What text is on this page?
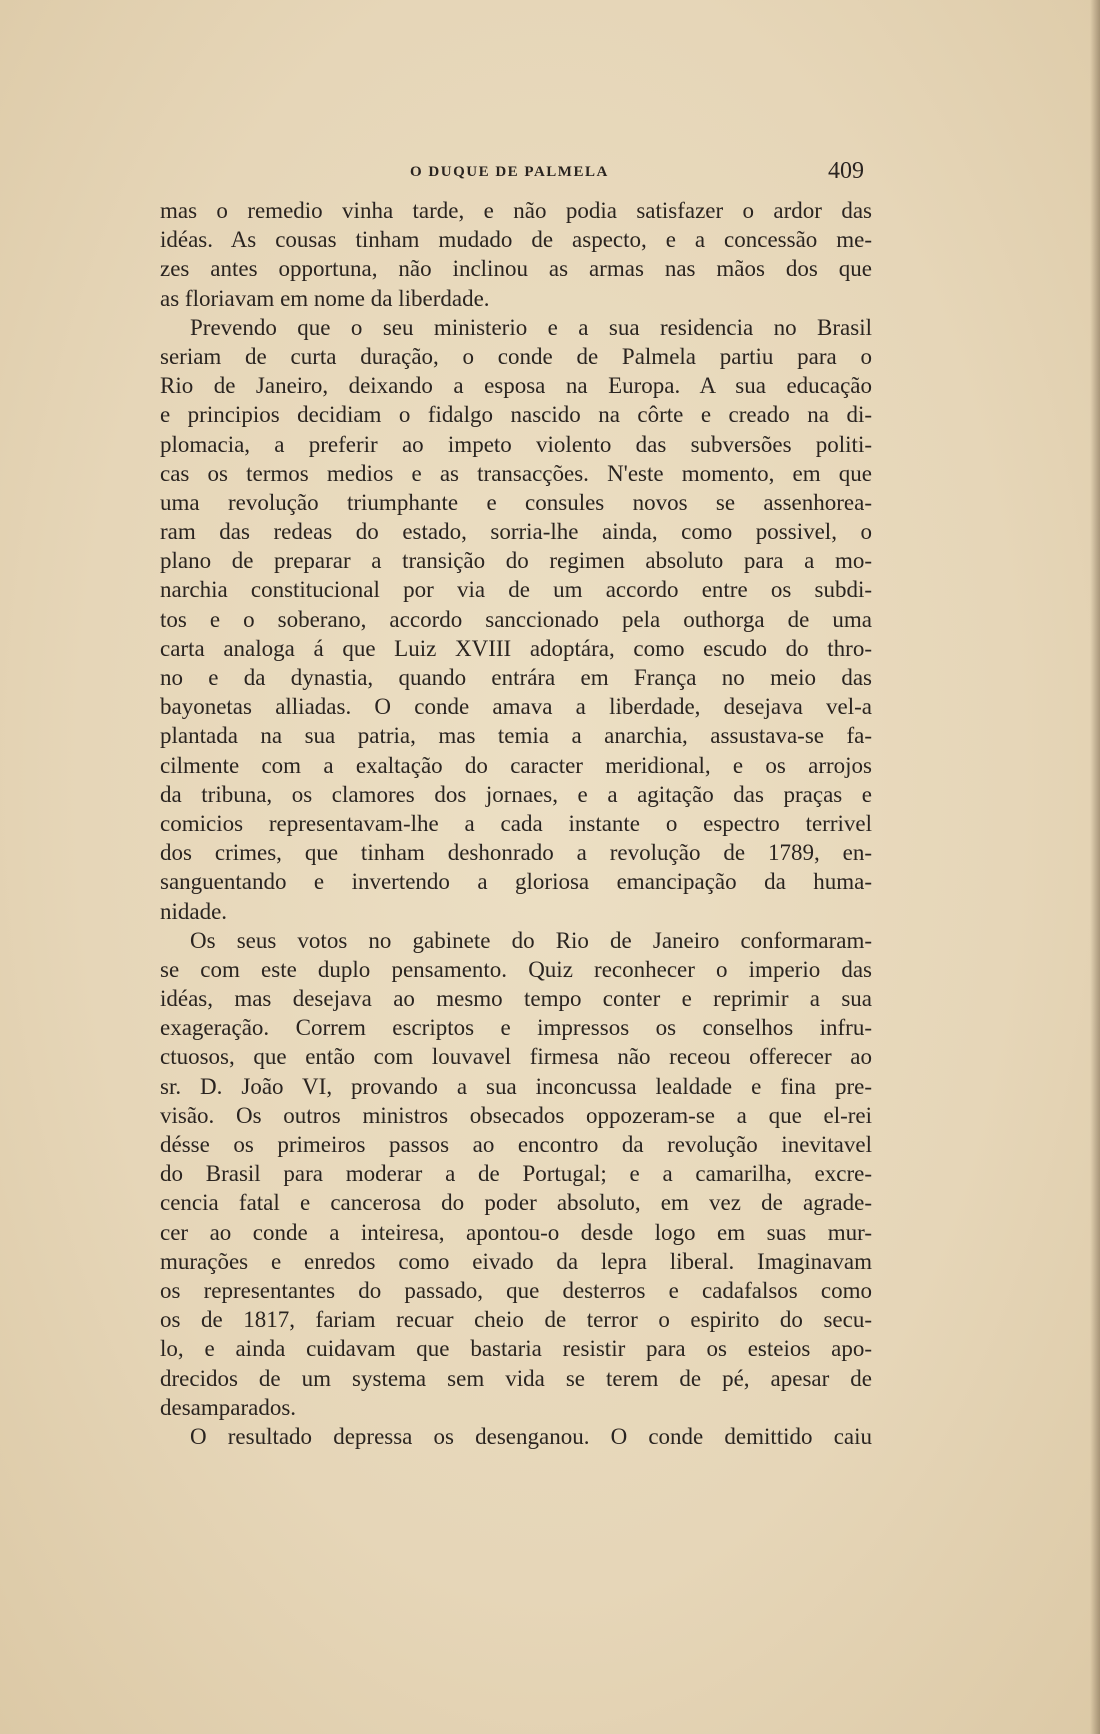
O DUQUE DE PALMELA	409
mas o remedio vinha tarde, e não podia satisfazer o ardor das
idéas. As cousas tinham mudado de aspecto, e a concessão me-
zes antes opportuna, não inclinou as armas nas mãos dos que
as floriavam em nome da liberdade.
Prevendo que o seu ministerio e a sua residencia no Brasil
seriam de curta duração, o conde de Palmela partiu para o
Rio de Janeiro, deixando a esposa na Europa. A sua educação
e principios decidiam o fidalgo nascido na côrte e creado na di-
plomacia, a preferir ao impeto violento das subversões politi-
cas os termos medios e as transacções. N'este momento, em que
uma revolução triumphante e consules novos se assenhorea-
ram das redeas do estado, sorria-lhe ainda, como possivel, o
plano de preparar a transição do regimen absoluto para a mo-
narchia constitucional por via de um accordo entre os subdi-
tos e o soberano, accordo sanccionado pela outhorga de uma
carta analoga á que Luiz XVIII adoptára, como escudo do thro-
no e da dynastia, quando entrára em França no meio das
bayonetas alliadas. O conde amava a liberdade, desejava vel-a
plantada na sua patria, mas temia a anarchia, assustava-se fa-
cilmente com a exaltação do caracter meridional, e os arrojos
da tribuna, os clamores dos jornaes, e a agitação das praças e
comicios representavam-lhe a cada instante o espectro terrivel
dos crimes, que tinham deshonrado a revolução de 1789, en-
sanguentando e invertendo a gloriosa emancipação da huma-
nidade.
Os seus votos no gabinete do Rio de Janeiro conformaram-
se com este duplo pensamento. Quiz reconhecer o imperio das
idéas, mas desejava ao mesmo tempo conter e reprimir a sua
exageração. Correm escriptos e impressos os conselhos infru-
ctuosos, que então com louvavel firmesa não receou offerecer ao
sr. D. João VI, provando a sua inconcussa lealdade e fina pre-
visão. Os outros ministros obsecados oppozeram-se a que el-rei
désse os primeiros passos ao encontro da revolução inevitavel
do Brasil para moderar a de Portugal; e a camarilha, excre-
cencia fatal e cancerosa do poder absoluto, em vez de agrade-
cer ao conde a inteiresa, apontou-o desde logo em suas mur-
murações e enredos como eivado da lepra liberal. Imaginavam
os representantes do passado, que desterros e cadafalsos como
os de 1817, fariam recuar cheio de terror o espirito do secu-
lo, e ainda cuidavam que bastaria resistir para os esteios apo-
drecidos de um systema sem vida se terem de pé, apesar de
desamparados.
O resultado depressa os desenganou. O conde demittido caiu
